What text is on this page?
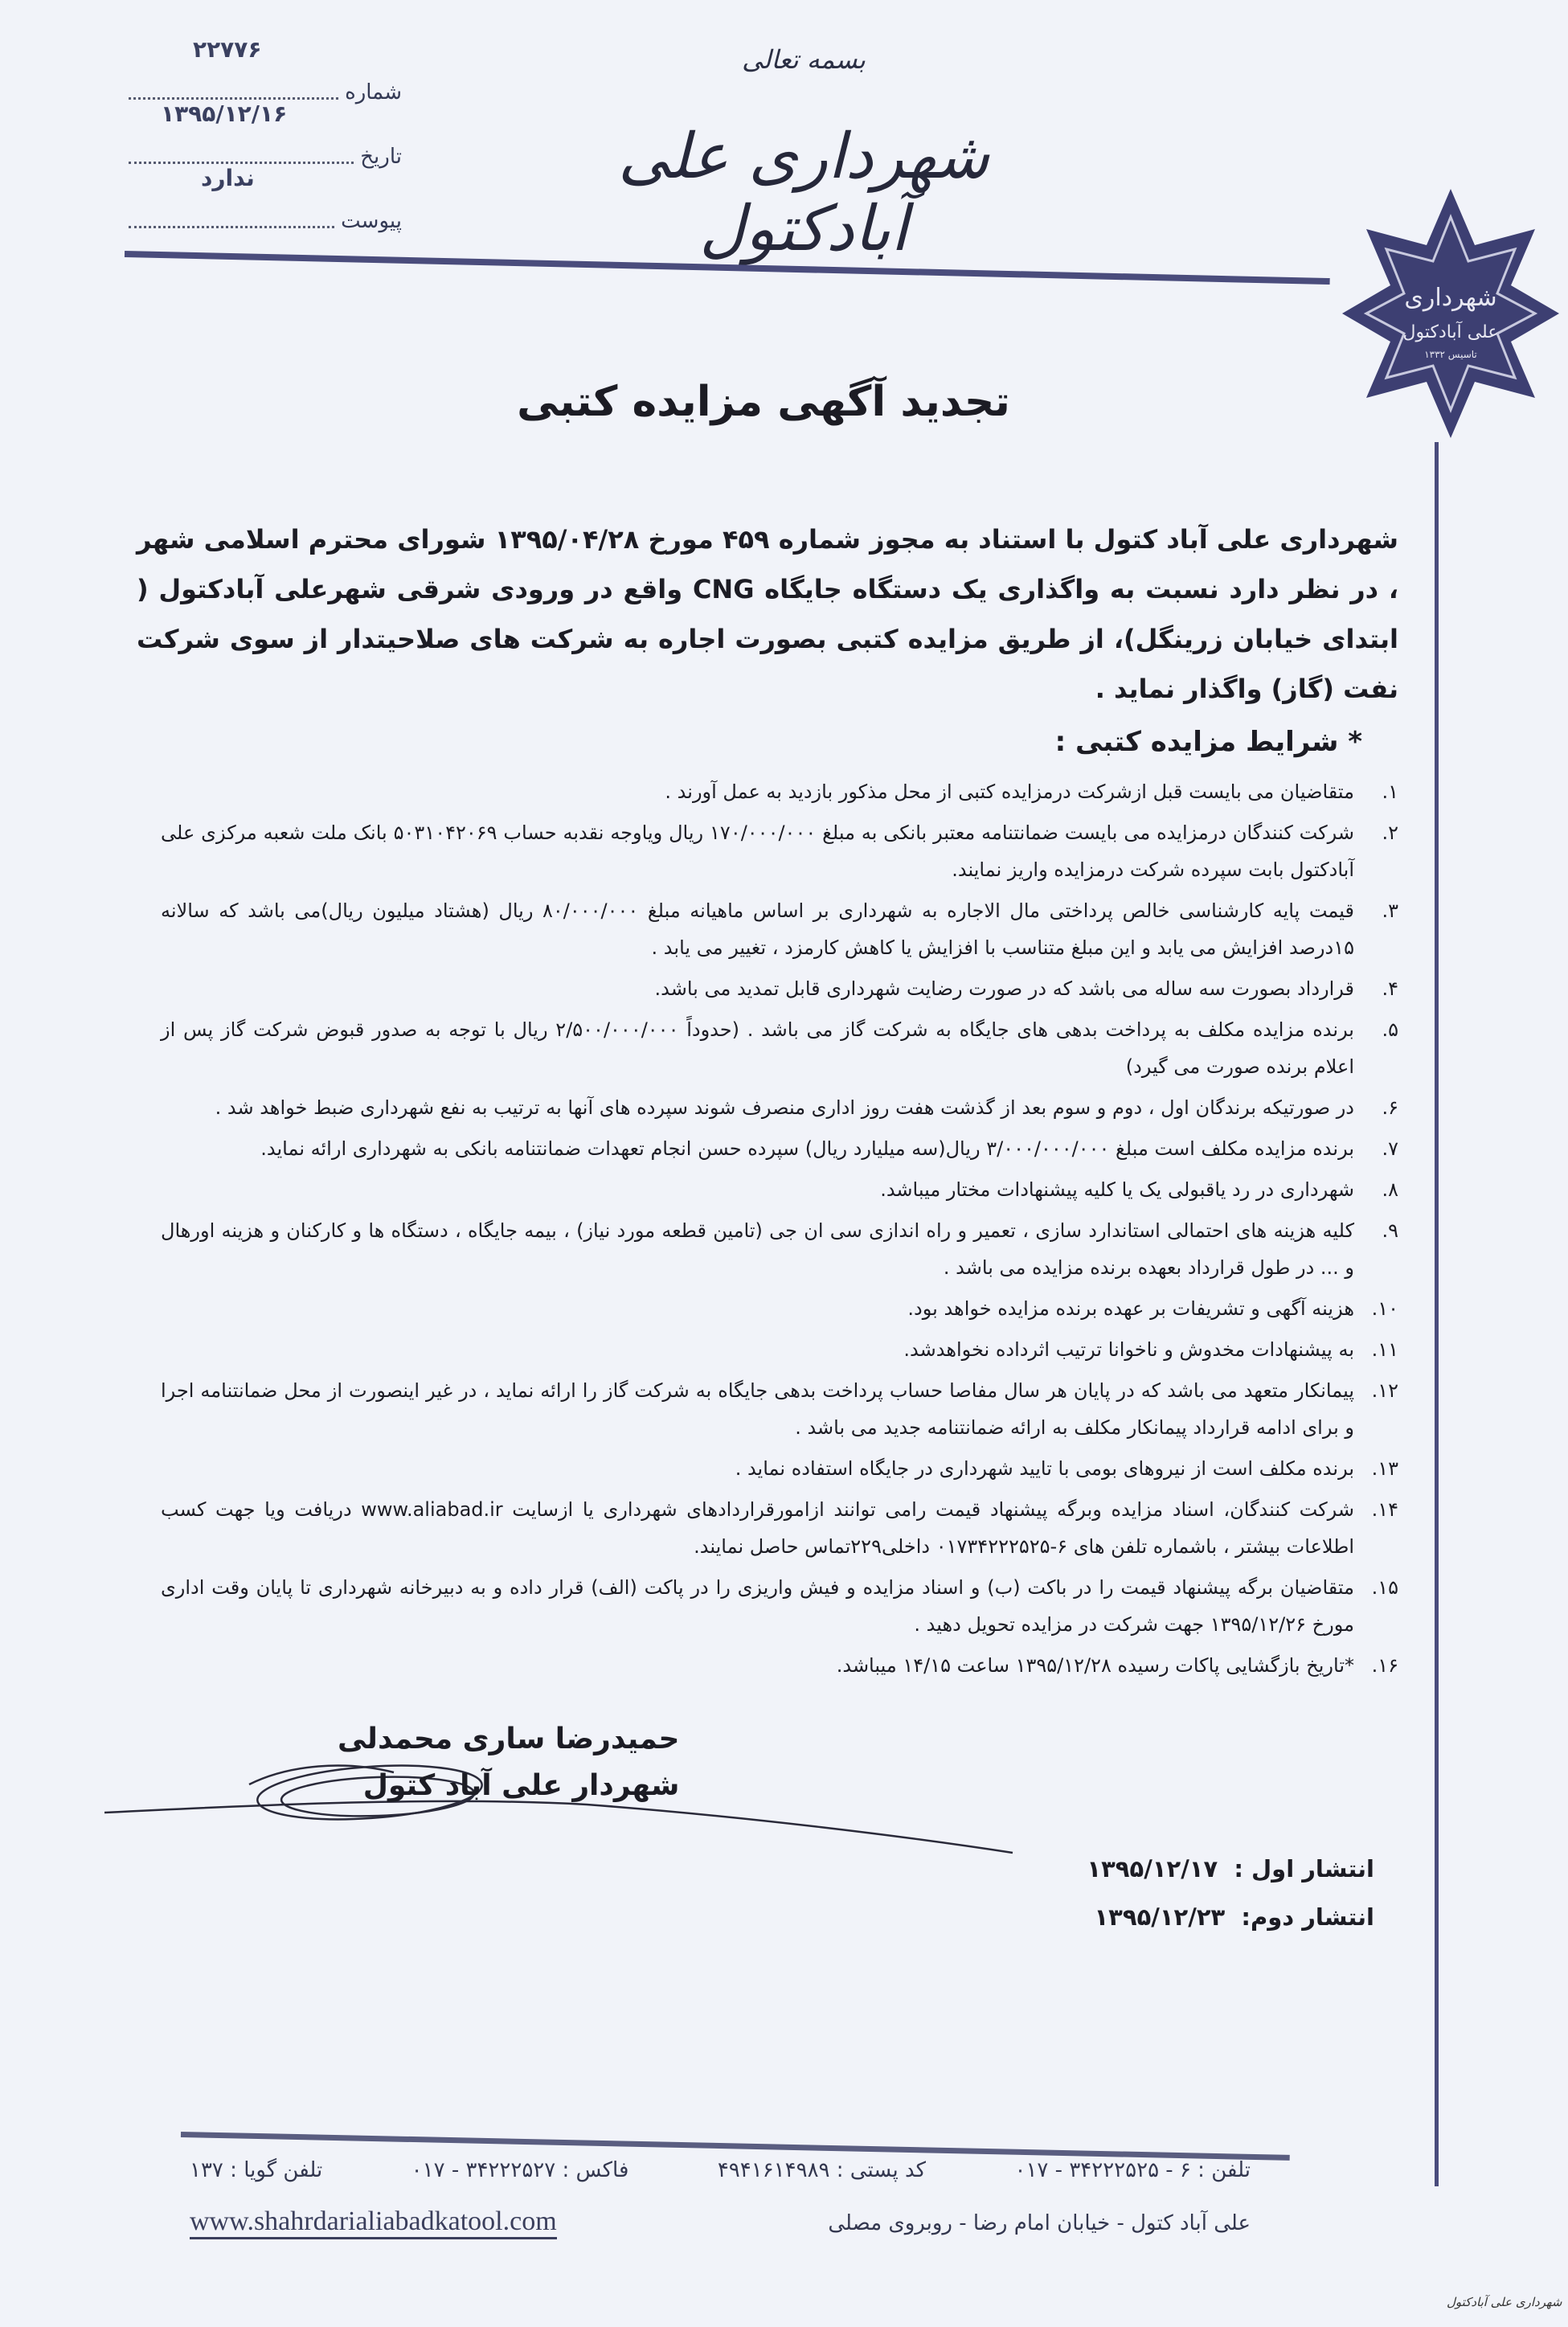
شماره
۲۲۷۷۶
تاریخ
۱۳۹۵/۱۲/۱۶
پیوست
ندارد
بسمه تعالی
شهرداری علی آبادکتول
شهرداری
علی آبادکتول
تاسیس ۱۳۳۲
تجدید آگهی مزایده کتبی
شهرداری علی آباد کتول با استناد به مجوز شماره ۴۵۹ مورخ ۱۳۹۵/۰۴/۲۸ شورای محترم اسلامی شهر ، در نظر دارد نسبت به واگذاری یک دستگاه جایگاه CNG واقع در ورودی شرقی شهرعلی آبادکتول ( ابتدای خیابان زرینگل)، از طریق مزایده کتبی بصورت اجاره به شرکت های صلاحیتدار از سوی شرکت نفت (گاز) واگذار نماید .
* شرایط مزایده کتبی :
۱.
متقاضیان می بایست قبل ازشرکت درمزایده کتبی از محل مذکور بازدید به عمل آورند .
۲.
شرکت کنندگان درمزایده می بایست ضمانتنامه معتبر بانکی به مبلغ ۱۷۰/۰۰۰/۰۰۰ ریال ویاوجه نقدبه حساب ۵۰۳۱۰۴۲۰۶۹ بانک ملت شعبه مرکزی علی آبادکتول بابت سپرده شرکت درمزایده واریز نمایند.
۳.
قیمت پایه کارشناسی خالص پرداختی مال الاجاره به شهرداری بر اساس ماهیانه مبلغ ۸۰/۰۰۰/۰۰۰ ریال (هشتاد میلیون ریال)می باشد که سالانه ۱۵درصد افزایش می یابد و این مبلغ متناسب با افزایش یا کاهش کارمزد ، تغییر می یابد .
۴.
قرارداد بصورت سه ساله می باشد که در صورت رضایت شهرداری قابل تمدید می باشد.
۵.
برنده مزایده مکلف به پرداخت بدهی های جایگاه به شرکت گاز می باشد . (حدوداً ۲/۵۰۰/۰۰۰/۰۰۰ ریال با توجه به صدور قبوض شرکت گاز پس از اعلام برنده صورت می گیرد)
۶.
در صورتیکه برندگان اول ، دوم و سوم بعد از گذشت هفت روز اداری منصرف شوند سپرده های آنها به ترتیب به نفع شهرداری ضبط خواهد شد .
۷.
برنده مزایده مکلف است مبلغ ۳/۰۰۰/۰۰۰/۰۰۰ ریال(سه میلیارد ریال) سپرده حسن انجام تعهدات ضمانتنامه بانکی به شهرداری ارائه نماید.
۸.
شهرداری در رد یاقبولی یک یا کلیه پیشنهادات مختار میباشد.
۹.
کلیه هزینه های احتمالی استاندارد سازی ، تعمیر و راه اندازی سی ان جی (تامین قطعه مورد نیاز) ، بیمه جایگاه ، دستگاه ها و کارکنان و هزینه اورهال و ... در طول قرارداد بعهده برنده مزایده می باشد .
۱۰.
هزینه آگهی و تشریفات بر عهده برنده مزایده خواهد بود.
۱۱.
به پیشنهادات مخدوش و ناخوانا ترتیب اثرداده نخواهدشد.
۱۲.
پیمانکار متعهد می باشد که در پایان هر سال مفاصا حساب پرداخت بدهی جایگاه به شرکت گاز را ارائه نماید ، در غیر اینصورت از محل ضمانتنامه اجرا و برای ادامه قرارداد پیمانکار مکلف به ارائه ضمانتنامه جدید می باشد .
۱۳.
برنده مکلف است از نیروهای بومی با تایید شهرداری در جایگاه استفاده نماید .
۱۴.
شرکت کنندگان، اسناد مزایده وبرگه پیشنهاد قیمت رامی توانند ازامورقراردادهای شهرداری یا ازسایت www.aliabad.ir دریافت ویا جهت کسب اطلاعات بیشتر ، باشماره تلفن های ۶-۰۱۷۳۴۲۲۲۵۲۵ داخلی۲۲۹تماس حاصل نمایند.
۱۵.
متقاضیان برگه پیشنهاد قیمت را در باکت (ب) و اسناد مزایده و فیش واریزی را در پاکت (الف) قرار داده و به دبیرخانه شهرداری تا پایان وقت اداری مورخ ۱۳۹۵/۱۲/۲۶ جهت شرکت در مزایده تحویل دهید .
۱۶.
*تاریخ بازگشایی پاکات رسیده ۱۳۹۵/۱۲/۲۸ ساعت ۱۴/۱۵ میباشد.
حمیدرضا ساری محمدلی
شهردار علی آباد کتول
انتشار اول : ۱۳۹۵/۱۲/۱۷
انتشار دوم: ۱۳۹۵/۱۲/۲۳
تلفن : ۶ - ۳۴۲۲۲۵۲۵ - ۰۱۷
کد پستی : ۴۹۴۱۶۱۴۹۸۹
فاکس : ۳۴۲۲۲۵۲۷ - ۰۱۷
تلفن گویا : ۱۳۷
علی آباد کتول - خیابان امام رضا - روبروی مصلی
www.shahrdarialiabadkatool.com
شهرداری علی آبادکتول
